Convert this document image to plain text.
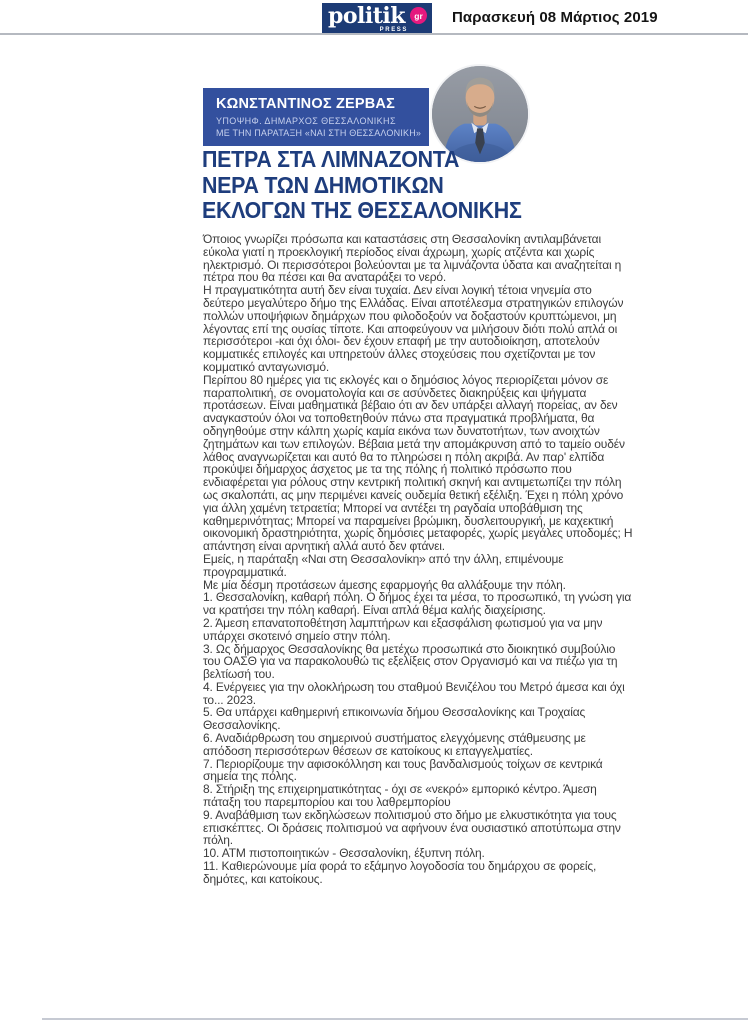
politik	gr
PRESS
Παρασκευή 08 Μάρτιος 2019
ΚΩΝΣΤΑΝΤΙΝΟΣ ΖΕΡΒΑΣ
ΥΠΟΨΗΦ. ΔΗΜΑΡΧΟΣ ΘΕΣΣΑΛΟΝΙΚΗΣ
ΜΕ ΤΗΝ ΠΑΡΑΤΑΞΗ «ΝΑΙ ΣΤΗ ΘΕΣΣΑΛΟΝΙΚΗ»
ΠΕΤΡΑ ΣΤΑ ΛΙΜΝΑΖΟΝΤΑ
ΝΕΡΑ ΤΩΝ ΔΗΜΟΤΙΚΩΝ
ΕΚΛΟΓΩΝ ΤΗΣ ΘΕΣΣΑΛΟΝΙΚΗΣ

Όποιος γνωρίζει πρόσωπα και καταστάσεις στη Θεσσαλονίκη αντιλαμβάνεται εύκολα γιατί η προεκλογική περίοδος είναι άχρωμη, χωρίς ατζέντα και χωρίς ηλεκτρισμό. Οι περισσότεροι βολεύονται με τα λιμνάζοντα ύδατα και αναζητείται η πέτρα που θα πέσει και θα αναταράξει το νερό.

Η πραγματικότητα αυτή δεν είναι τυχαία. Δεν είναι λογική τέτοια νηνεμία στο δεύτερο μεγαλύτερο δήμο της Ελλάδας. Είναι αποτέλεσμα στρατηγικών επιλογών πολλών υποψήφιων δημάρχων που φιλοδοξούν να δοξαστούν κρυπτώμενοι, μη λέγοντας επί της ουσίας τίποτε. Και αποφεύγουν να μιλήσουν διότι πολύ απλά οι περισσότεροι -και όχι όλοι- δεν έχουν επαφή με την αυτοδιοίκηση, αποτελούν κομματικές επιλογές και υπηρετούν άλλες στοχεύσεις που σχετίζονται με τον κομματικό ανταγωνισμό.

Περίπου 80 ημέρες για τις εκλογές και ο δημόσιος λόγος περιορίζεται μόνον σε παραπολιτική, σε ονοματολογία και σε ασύνδετες διακηρύξεις και ψήγματα προτάσεων. Είναι μαθηματικά βέβαιο ότι αν δεν υπάρξει αλλαγή πορείας, αν δεν αναγκαστούν όλοι να τοποθετηθούν πάνω στα πραγματικά προβλήματα, θα οδηγηθούμε στην κάλπη χωρίς καμία εικόνα των δυνατοτήτων, των ανοιχτών ζητημάτων και των επιλογών. Βέβαια μετά την απομάκρυνση από το ταμείο ουδέν λάθος αναγνωρίζεται και αυτό θα το πληρώσει η πόλη ακριβά. Αν παρ' ελπίδα προκύψει δήμαρχος άσχετος με τα της πόλης ή πολιτικό πρόσωπο που ενδιαφέρεται για ρόλους στην κεντρική πολιτική σκηνή και αντιμετωπίζει την πόλη ως σκαλοπάτι, ας μην περιμένει κανείς ουδεμία θετική εξέλιξη. Έχει η πόλη χρόνο για άλλη χαμένη τετραετία; Μπορεί να αντέξει τη ραγδαία υποβάθμιση της καθημερινότητας; Μπορεί να παραμείνει βρώμικη, δυσλειτουργική, με καχεκτική οικονομική δραστηριότητα, χωρίς δημόσιες μεταφορές, χωρίς μεγάλες υποδομές; Η απάντηση είναι αρνητική αλλά αυτό δεν φτάνει.

Εμείς, η παράταξη «Ναι στη Θεσσαλονίκη» από την άλλη, επιμένουμε προγραμματικά.

Με μία δέσμη προτάσεων άμεσης εφαρμογής θα αλλάξουμε την πόλη.

1. Θεσσαλονίκη, καθαρή πόλη. Ο δήμος έχει τα μέσα, το προσωπικό, τη γνώση για να κρατήσει την πόλη καθαρή. Είναι απλά θέμα καλής διαχείρισης.

2. Άμεση επανατοποθέτηση λαμπτήρων και εξασφάλιση φωτισμού για να μην υπάρχει σκοτεινό σημείο στην πόλη.

3. Ως δήμαρχος Θεσσαλονίκης θα μετέχω προσωπικά στο διοικητικό συμβούλιο του ΟΑΣΘ για να παρακολουθώ τις εξελίξεις στον Οργανισμό και να πιέζω για τη βελτίωσή του.

4. Ενέργειες για την ολοκλήρωση του σταθμού Βενιζέλου του Μετρό άμεσα και όχι το... 2023.

5. Θα υπάρχει καθημερινή επικοινωνία δήμου Θεσσαλονίκης και Τροχαίας Θεσσαλονίκης.

6. Αναδιάρθρωση του σημερινού συστήματος ελεγχόμενης στάθμευσης με απόδοση περισσότερων θέσεων σε κατοίκους κι επαγγελματίες.

7. Περιορίζουμε την αφισοκόλληση και τους βανδαλισμούς τοίχων σε κεντρικά σημεία της πόλης.

8. Στήριξη της επιχειρηματικότητας - όχι σε «νεκρό» εμπορικό κέντρο. Άμεση πάταξη του παρεμπορίου και του λαθρεμπορίου

9. Αναβάθμιση των εκδηλώσεων πολιτισμού στο δήμο με ελκυστικότητα για τους επισκέπτες. Οι δράσεις πολιτισμού να αφήνουν ένα ουσιαστικό αποτύπωμα στην πόλη.

10. ΑΤΜ πιστοποιητικών - Θεσσαλονίκη, έξυπνη πόλη.

11. Καθιερώνουμε μία φορά το εξάμηνο λογοδοσία του δημάρχου σε φορείς, δημότες, και κατοίκους.
